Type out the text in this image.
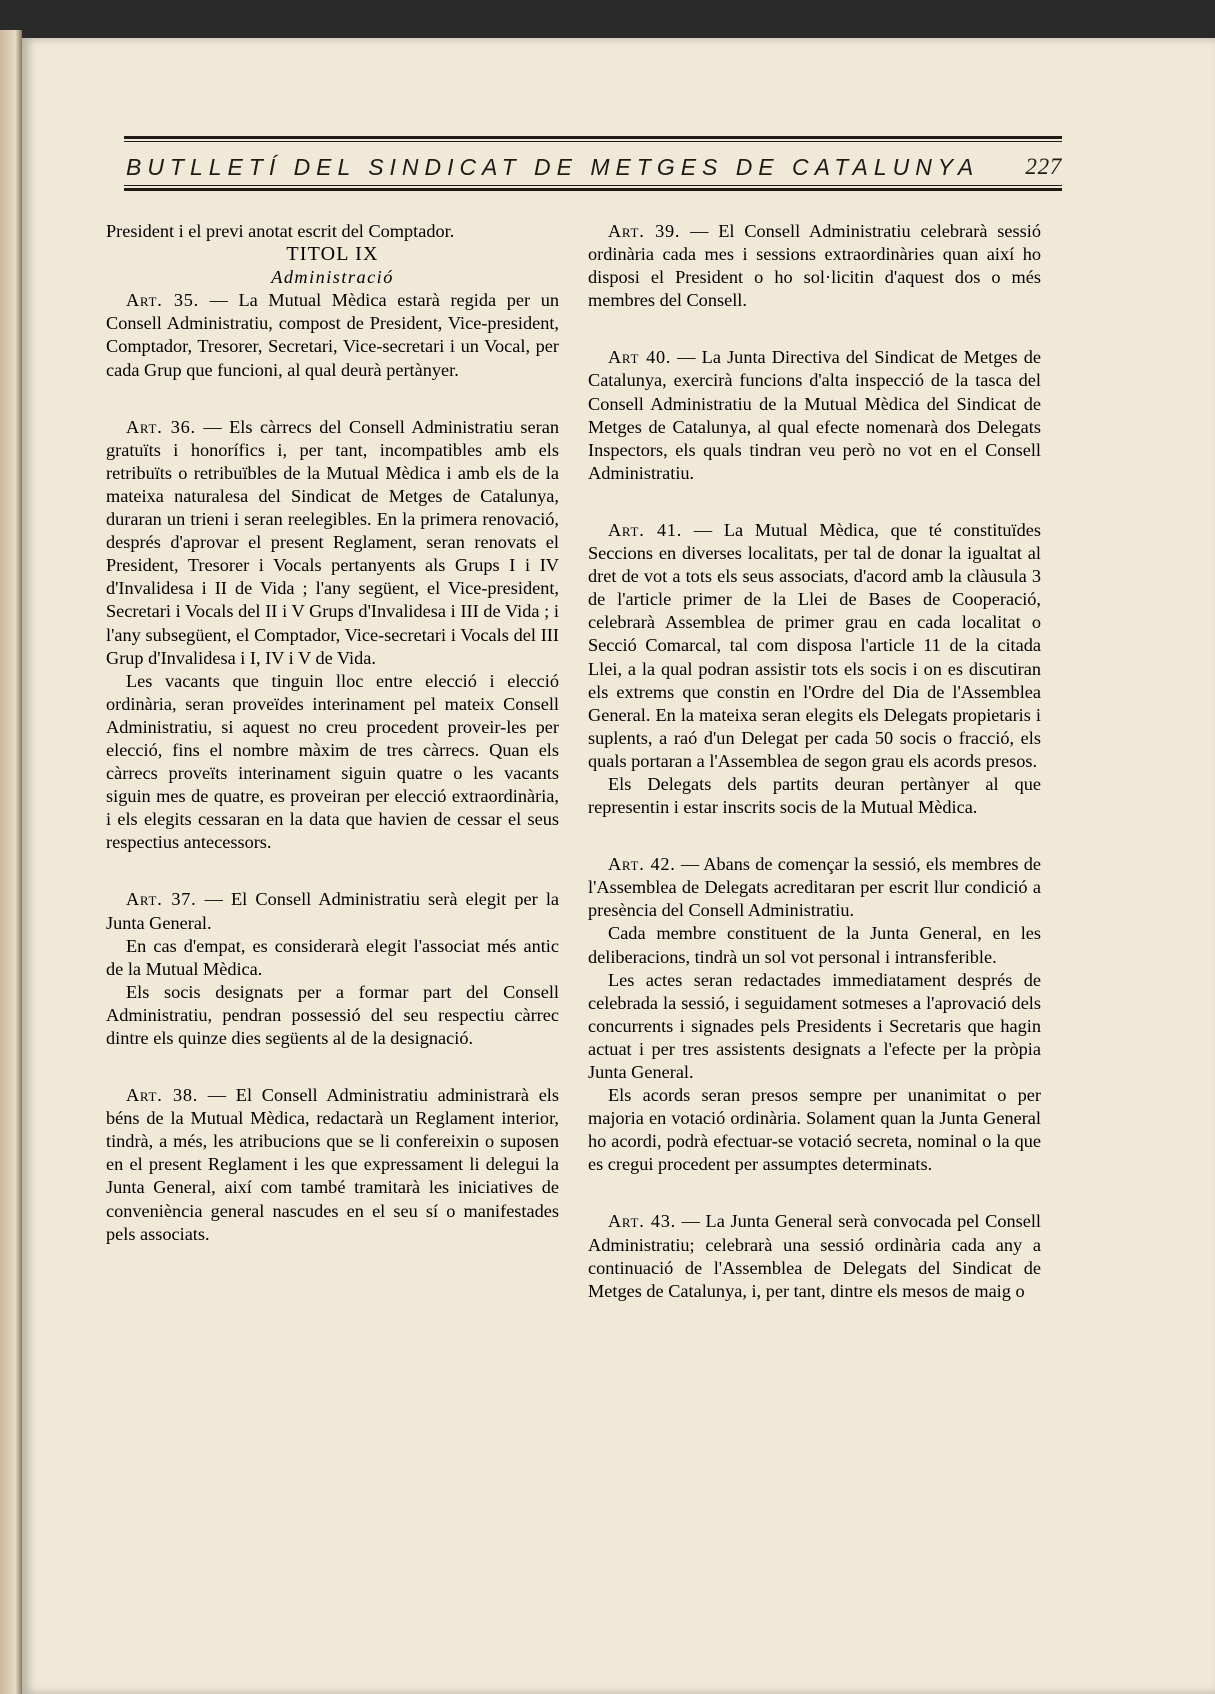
BUTLLETÍ DEL SINDICAT DE METGES DE CATALUNYA 227

President i el previ anotat escrit del Comptador.

TITOL IX

Administració

Art. 35. — La Mutual Mèdica estarà regida per un Consell Administratiu, compost de President, Vice-president, Comptador, Tresorer, Secretari, Vice-secretari i un Vocal, per cada Grup que funcioni, al qual deurà pertànyer.

Art. 36. — Els càrrecs del Consell Administratiu seran gratuïts i honorífics i, per tant, incompatibles amb els retribuïts o retribuïbles de la Mutual Mèdica i amb els de la mateixa naturalesa del Sindicat de Metges de Catalunya, duraran un trieni i seran reelegibles. En la primera renovació, després d'aprovar el present Reglament, seran renovats el President, Tresorer i Vocals pertanyents als Grups I i IV d'Invalidesa i II de Vida ; l'any següent, el Vice-president, Secretari i Vocals del II i V Grups d'Invalidesa i III de Vida ; i l'any subsegüent, el Comptador, Vice-secretari i Vocals del III Grup d'Invalidesa i I, IV i V de Vida.

Les vacants que tinguin lloc entre elecció i elecció ordinària, seran proveïdes interinament pel mateix Consell Administratiu, si aquest no creu procedent proveir-les per elecció, fins el nombre màxim de tres càrrecs. Quan els càrrecs proveïts interinament siguin quatre o les vacants siguin mes de quatre, es proveiran per elecció extraordinària, i els elegits cessaran en la data que havien de cessar el seus respectius antecessors.

Art. 37. — El Consell Administratiu serà elegit per la Junta General.

En cas d'empat, es considerarà elegit l'associat més antic de la Mutual Mèdica.

Els socis designats per a formar part del Consell Administratiu, pendran possessió del seu respectiu càrrec dintre els quinze dies següents al de la designació.

Art. 38. — El Consell Administratiu administrarà els béns de la Mutual Mèdica, redactarà un Reglament interior, tindrà, a més, les atribucions que se li confereixin o suposen en el present Reglament i les que expressament li delegui la Junta General, així com també tramitarà les iniciatives de conveniència general nascudes en el seu sí o manifestades pels associats.

Art. 39. — El Consell Administratiu celebrarà sessió ordinària cada mes i sessions extraordinàries quan així ho disposi el President o ho sol·licitin d'aquest dos o més membres del Consell.

Art 40. — La Junta Directiva del Sindicat de Metges de Catalunya, exercirà funcions d'alta inspecció de la tasca del Consell Administratiu de la Mutual Mèdica del Sindicat de Metges de Catalunya, al qual efecte nomenarà dos Delegats Inspectors, els quals tindran veu però no vot en el Consell Administratiu.

Art. 41. — La Mutual Mèdica, que té constituïdes Seccions en diverses localitats, per tal de donar la igualtat al dret de vot a tots els seus associats, d'acord amb la clàusula 3 de l'article primer de la Llei de Bases de Cooperació, celebrarà Assemblea de primer grau en cada localitat o Secció Comarcal, tal com disposa l'article 11 de la citada Llei, a la qual podran assistir tots els socis i on es discutiran els extrems que constin en l'Ordre del Dia de l'Assemblea General. En la mateixa seran elegits els Delegats propietaris i suplents, a raó d'un Delegat per cada 50 socis o fracció, els quals portaran a l'Assemblea de segon grau els acords presos.

Els Delegats dels partits deuran pertànyer al que representin i estar inscrits socis de la Mutual Mèdica.

Art. 42. — Abans de començar la sessió, els membres de l'Assemblea de Delegats acreditaran per escrit llur condició a presència del Consell Administratiu.

Cada membre constituent de la Junta General, en les deliberacions, tindrà un sol vot personal i intransferible.

Les actes seran redactades immediatament després de celebrada la sessió, i seguidament sotmeses a l'aprovació dels concurrents i signades pels Presidents i Secretaris que hagin actuat i per tres assistents designats a l'efecte per la pròpia Junta General.

Els acords seran presos sempre per unanimitat o per majoria en votació ordinària. Solament quan la Junta General ho acordi, podrà efectuar-se votació secreta, nominal o la que es cregui procedent per assumptes determinats.

Art. 43. — La Junta General serà convocada pel Consell Administratiu; celebrarà una sessió ordinària cada any a continuació de l'Assemblea de Delegats del Sindicat de Metges de Catalunya, i, per tant, dintre els mesos de maig o
